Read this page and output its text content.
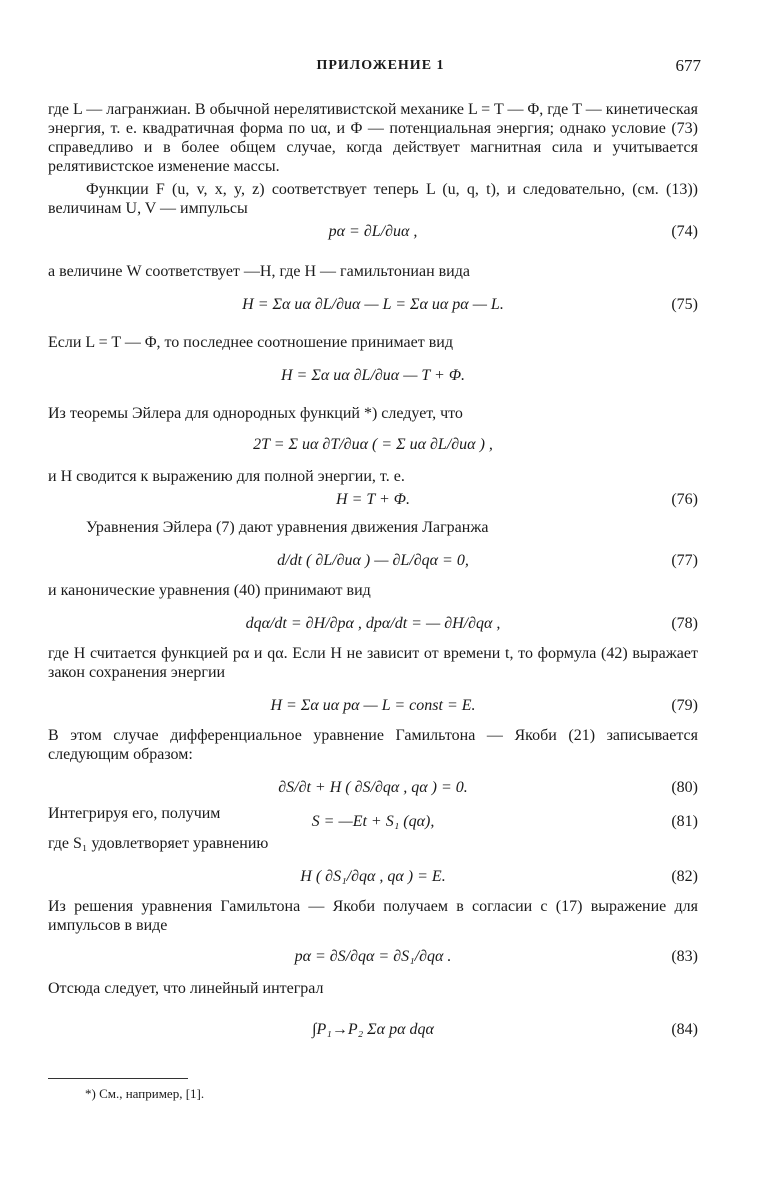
ПРИЛОЖЕНИЕ 1	677

где L — лагранжиан. В обычной нерелятивистской механике L = T — Φ, где T — кинетическая энергия, т. е. квадратичная форма по uα, и Φ — потенциальная энергия; однако условие (73) справедливо и в более общем случае, когда действует магнитная сила и учитывается релятивистское изменение массы.

Функции F (u, v, x, y, z) соответствует теперь L (u, q, t), и следовательно, (см. (13)) величинам U, V — импульсы

pα = ∂L/∂uα ,	(74)

а величине W соответствует —H, где H — гамильтониан вида

H = Σα uα ∂L/∂uα — L = Σα uα pα — L.	(75)

Если L = T — Φ, то последнее соотношение принимает вид

H = Σα uα ∂L/∂uα — T + Φ.

Из теоремы Эйлера для однородных функций *) следует, что

2T = Σ uα ∂T/∂uα ( = Σ uα ∂L/∂uα ) ,

и H сводится к выражению для полной энергии, т. е.

H = T + Φ.	(76)

Уравнения Эйлера (7) дают уравнения движения Лагранжа

d/dt ( ∂L/∂uα ) — ∂L/∂qα = 0,	(77)

и канонические уравнения (40) принимают вид

dqα/dt = ∂H/∂pα , dpα/dt = — ∂H/∂qα ,	(78)

где H считается функцией pα и qα. Если H не зависит от времени t, то формула (42) выражает закон сохранения энергии

H = Σα uα pα — L = const = E.	(79)

В этом случае дифференциальное уравнение Гамильтона — Якоби (21) записывается следующим образом:

∂S/∂t + H ( ∂S/∂qα , qα ) = 0.	(80)
Интегрируя его, получим	S = —Et + S₁ (qα),	(81)

где S₁ удовлетворяет уравнению

H ( ∂S₁/∂qα , qα ) = E.	(82)

Из решения уравнения Гамильтона — Якоби получаем в согласии с (17) выражение для импульсов в виде

pα = ∂S/∂qα = ∂S₁/∂qα .	(83)

Отсюда следует, что линейный интеграл

∫P₁→P₂ Σα pα dqα	(84)
*) См., например, [1].
